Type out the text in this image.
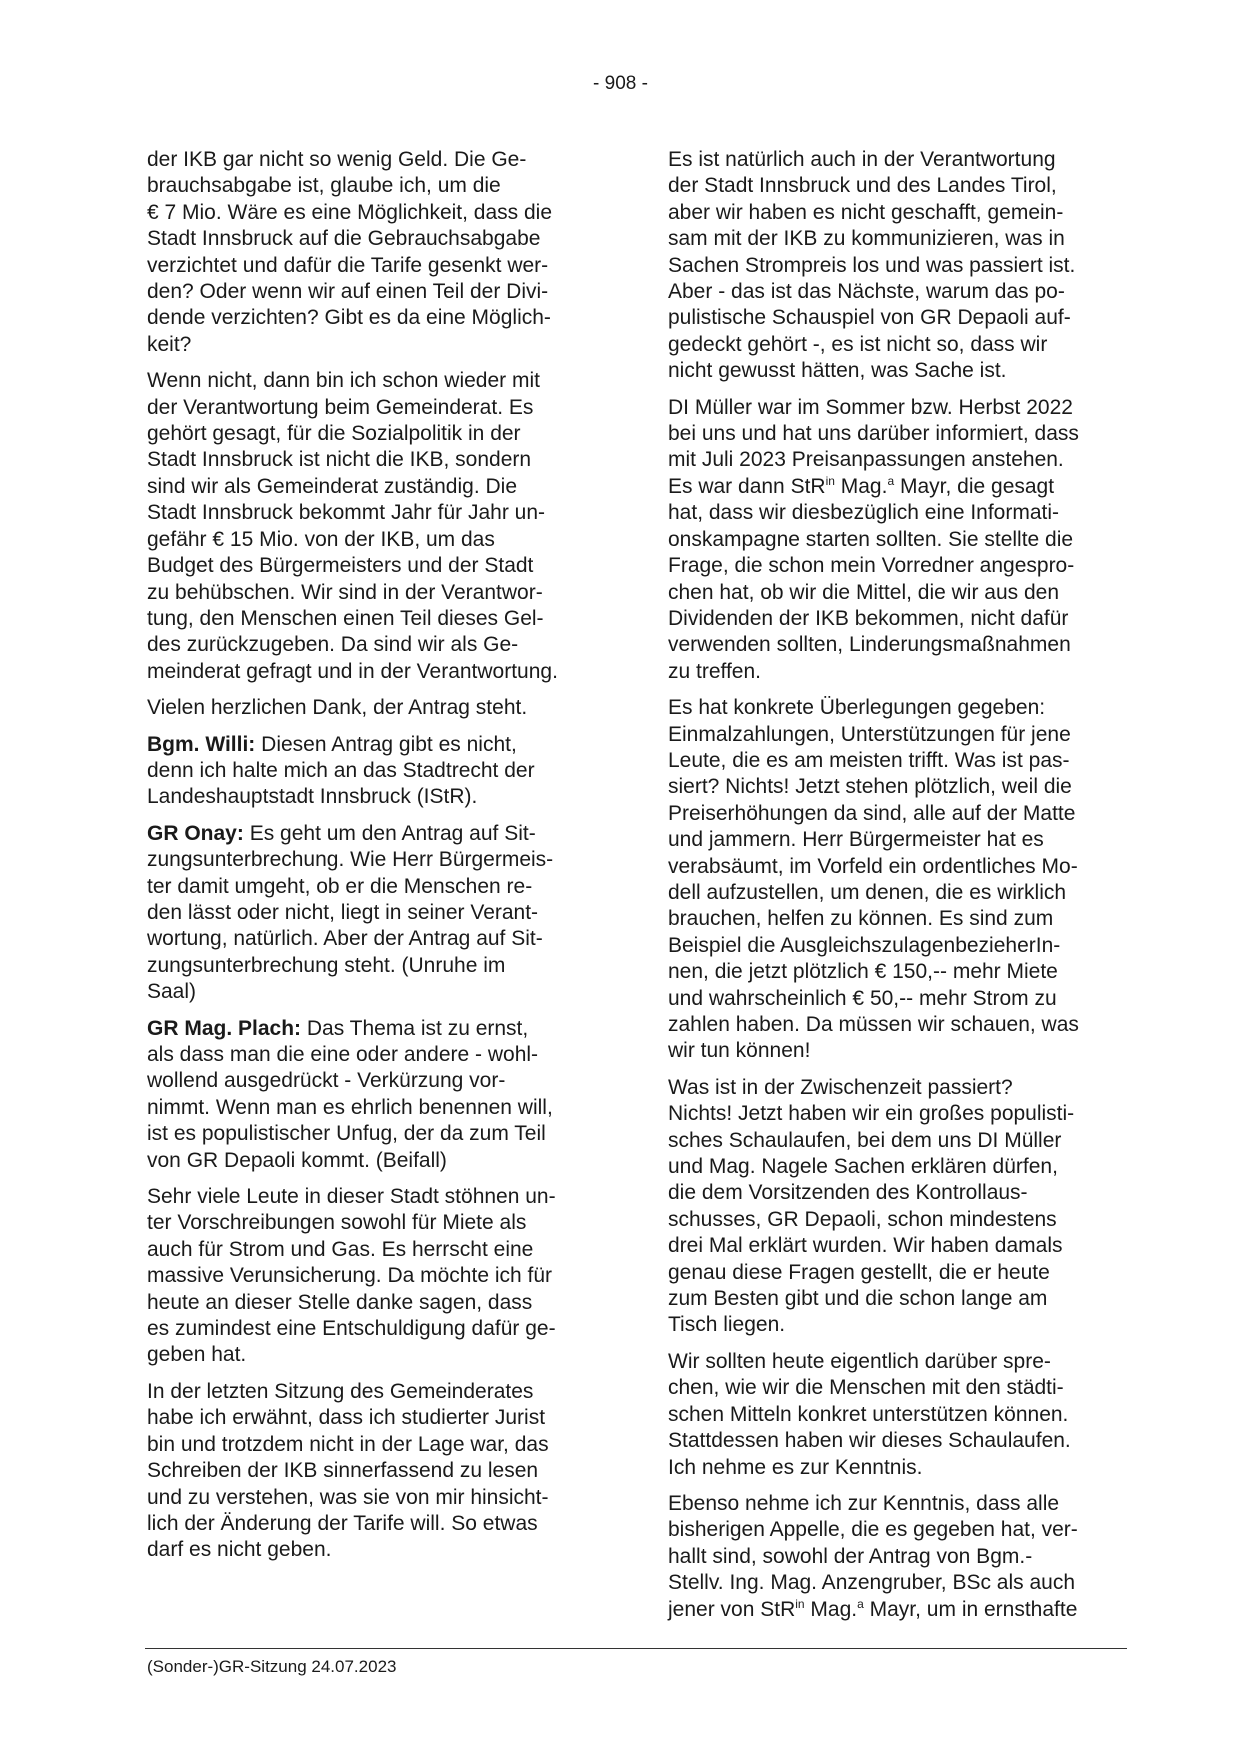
- 908 -

der IKB gar nicht so wenig Geld. Die Ge-
brauchsabgabe ist, glaube ich, um die
€ 7 Mio. Wäre es eine Möglichkeit, dass die
Stadt Innsbruck auf die Gebrauchsabgabe
verzichtet und dafür die Tarife gesenkt wer-
den? Oder wenn wir auf einen Teil der Divi-
dende verzichten? Gibt es da eine Möglich-
keit?

Wenn nicht, dann bin ich schon wieder mit
der Verantwortung beim Gemeinderat. Es
gehört gesagt, für die Sozialpolitik in der
Stadt Innsbruck ist nicht die IKB, sondern
sind wir als Gemeinderat zuständig. Die
Stadt Innsbruck bekommt Jahr für Jahr un-
gefähr € 15 Mio. von der IKB, um das
Budget des Bürgermeisters und der Stadt
zu behübschen. Wir sind in der Verantwor-
tung, den Menschen einen Teil dieses Gel-
des zurückzugeben. Da sind wir als Ge-
meinderat gefragt und in der Verantwortung.

Vielen herzlichen Dank, der Antrag steht.

Bgm. Willi: Diesen Antrag gibt es nicht,
denn ich halte mich an das Stadtrecht der
Landeshauptstadt Innsbruck (IStR).

GR Onay: Es geht um den Antrag auf Sit-
zungsunterbrechung. Wie Herr Bürgermeis-
ter damit umgeht, ob er die Menschen re-
den lässt oder nicht, liegt in seiner Verant-
wortung, natürlich. Aber der Antrag auf Sit-
zungsunterbrechung steht. (Unruhe im
Saal)

GR Mag. Plach: Das Thema ist zu ernst,
als dass man die eine oder andere - wohl-
wollend ausgedrückt - Verkürzung vor-
nimmt. Wenn man es ehrlich benennen will,
ist es populistischer Unfug, der da zum Teil
von GR Depaoli kommt. (Beifall)

Sehr viele Leute in dieser Stadt stöhnen un-
ter Vorschreibungen sowohl für Miete als
auch für Strom und Gas. Es herrscht eine
massive Verunsicherung. Da möchte ich für
heute an dieser Stelle danke sagen, dass
es zumindest eine Entschuldigung dafür ge-
geben hat.

In der letzten Sitzung des Gemeinderates
habe ich erwähnt, dass ich studierter Jurist
bin und trotzdem nicht in der Lage war, das
Schreiben der IKB sinnerfassend zu lesen
und zu verstehen, was sie von mir hinsicht-
lich der Änderung der Tarife will. So etwas
darf es nicht geben.

Es ist natürlich auch in der Verantwortung
der Stadt Innsbruck und des Landes Tirol,
aber wir haben es nicht geschafft, gemein-
sam mit der IKB zu kommunizieren, was in
Sachen Strompreis los und was passiert ist.
Aber - das ist das Nächste, warum das po-
pulistische Schauspiel von GR Depaoli auf-
gedeckt gehört -, es ist nicht so, dass wir
nicht gewusst hätten, was Sache ist.

DI Müller war im Sommer bzw. Herbst 2022
bei uns und hat uns darüber informiert, dass
mit Juli 2023 Preisanpassungen anstehen.
Es war dann StR$^{in}$ Mag.$^a$ Mayr, die gesagt
hat, dass wir diesbezüglich eine Informati-
onskampagne starten sollten. Sie stellte die
Frage, die schon mein Vorredner angespro-
chen hat, ob wir die Mittel, die wir aus den
Dividenden der IKB bekommen, nicht dafür
verwenden sollten, Linderungsmaßnahmen
zu treffen.

Es hat konkrete Überlegungen gegeben:
Einmalzahlungen, Unterstützungen für jene
Leute, die es am meisten trifft. Was ist pas-
siert? Nichts! Jetzt stehen plötzlich, weil die
Preiserhöhungen da sind, alle auf der Matte
und jammern. Herr Bürgermeister hat es
verabsäumt, im Vorfeld ein ordentliches Mo-
dell aufzustellen, um denen, die es wirklich
brauchen, helfen zu können. Es sind zum
Beispiel die AusgleichszulagenbezieherIn-
nen, die jetzt plötzlich € 150,-- mehr Miete
und wahrscheinlich € 50,-- mehr Strom zu
zahlen haben. Da müssen wir schauen, was
wir tun können!

Was ist in der Zwischenzeit passiert?
Nichts! Jetzt haben wir ein großes populisti-
sches Schaulaufen, bei dem uns DI Müller
und Mag. Nagele Sachen erklären dürfen,
die dem Vorsitzenden des Kontrollaus-
schusses, GR Depaoli, schon mindestens
drei Mal erklärt wurden. Wir haben damals
genau diese Fragen gestellt, die er heute
zum Besten gibt und die schon lange am
Tisch liegen.

Wir sollten heute eigentlich darüber spre-
chen, wie wir die Menschen mit den städti-
schen Mitteln konkret unterstützen können.
Stattdessen haben wir dieses Schaulaufen.
Ich nehme es zur Kenntnis.

Ebenso nehme ich zur Kenntnis, dass alle
bisherigen Appelle, die es gegeben hat, ver-
hallt sind, sowohl der Antrag von Bgm.-
Stellv. Ing. Mag. Anzengruber, BSc als auch
jener von StR$^{in}$ Mag.$^a$ Mayr, um in ernsthafte

(Sonder-)GR-Sitzung 24.07.2023
